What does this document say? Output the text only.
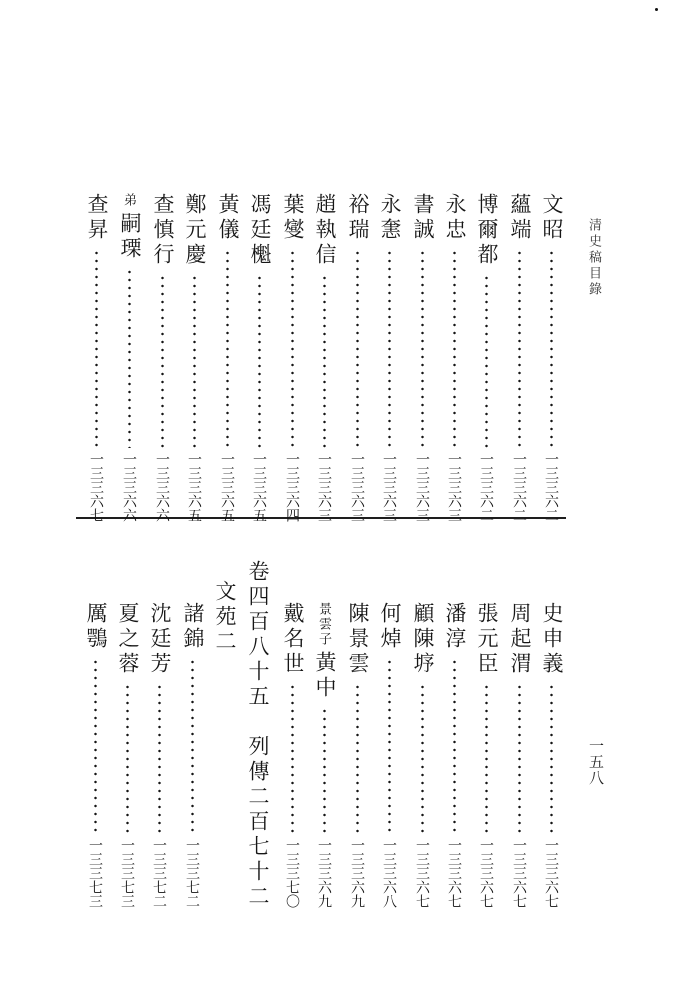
清史稿目錄
一五八
文昭
一三三六二
蘊端
一三三六二
博爾都
一三三六二
永忠
一三三六三
書誠
一三三六三
永㥣
一三三六三
裕瑞
一三三六三
趙執信
一三三六三
葉燮
一三三六四
馮廷櫆
一三三六五
黃儀
一三三六五
鄭元慶
一三三六五
查慎行
一三三六六
弟
嗣瑮
一三三六六
查昇
一三三六七
史申義
一三三六七
周起渭
一三三六七
張元臣
一三三六七
潘淳
一三三六七
顧陳垿
一三三六七
何焯
一三三六八
陳景雲
一三三六九
景雲子
黃中
一三三六九
戴名世
一三三七〇
卷四百八十五　列傳二百七十二
文苑二
諸錦
一三三七二
沈廷芳
一三三七二
夏之蓉
一三三七三
厲鶚
一三三七三
